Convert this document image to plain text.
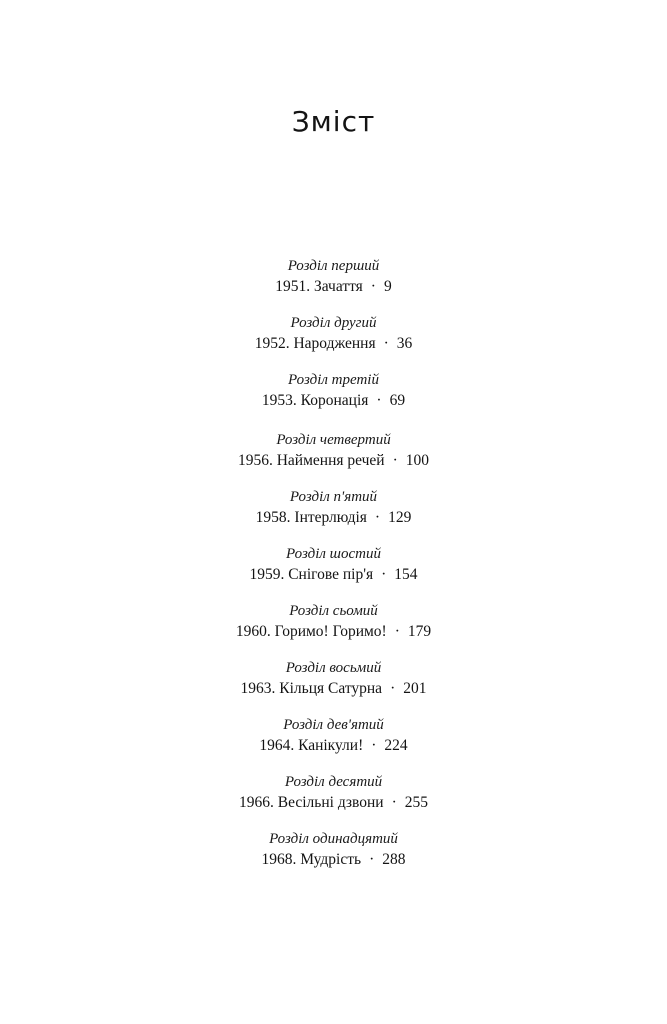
Зміст
Розділ перший
1951. Зачаття · 9
Розділ другий
1952. Народження · 36
Розділ третій
1953. Коронація · 69
Розділ четвертий
1956. Наймення речей · 100
Розділ п'ятий
1958. Інтерлюдія · 129
Розділ шостий
1959. Снігове пір'я · 154
Розділ сьомий
1960. Горимо! Горимо! · 179
Розділ восьмий
1963. Кільця Сатурна · 201
Розділ дев'ятий
1964. Канікули! · 224
Розділ десятий
1966. Весільні дзвони · 255
Розділ одинадцятий
1968. Мудрість · 288
